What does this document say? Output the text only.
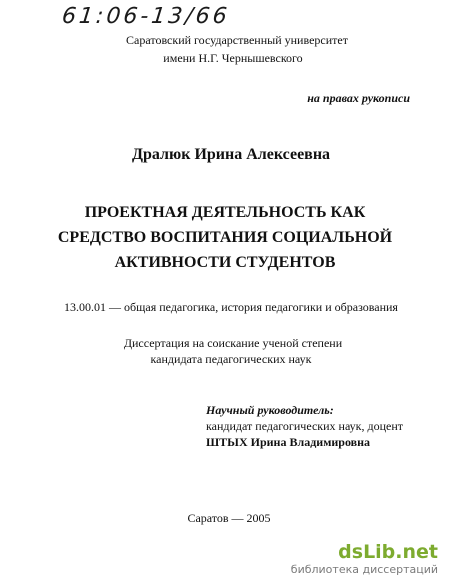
61:06-13/66
Саратовский государственный университет
имени Н.Г. Чернышевского
на правах рукописи
Дралюк Ирина Алексеевна
ПРОЕКТНАЯ ДЕЯТЕЛЬНОСТЬ КАК
СРЕДСТВО ВОСПИТАНИЯ СОЦИАЛЬНОЙ
АКТИВНОСТИ СТУДЕНТОВ
13.00.01 — общая педагогика, история педагогики и образования
Диссертация на соискание ученой степени
кандидата педагогических наук
Научный руководитель:
кандидат педагогических наук, доцент
ШТЫХ Ирина Владимировна
Саратов — 2005
dsLib.net
библиотека диссертаций
